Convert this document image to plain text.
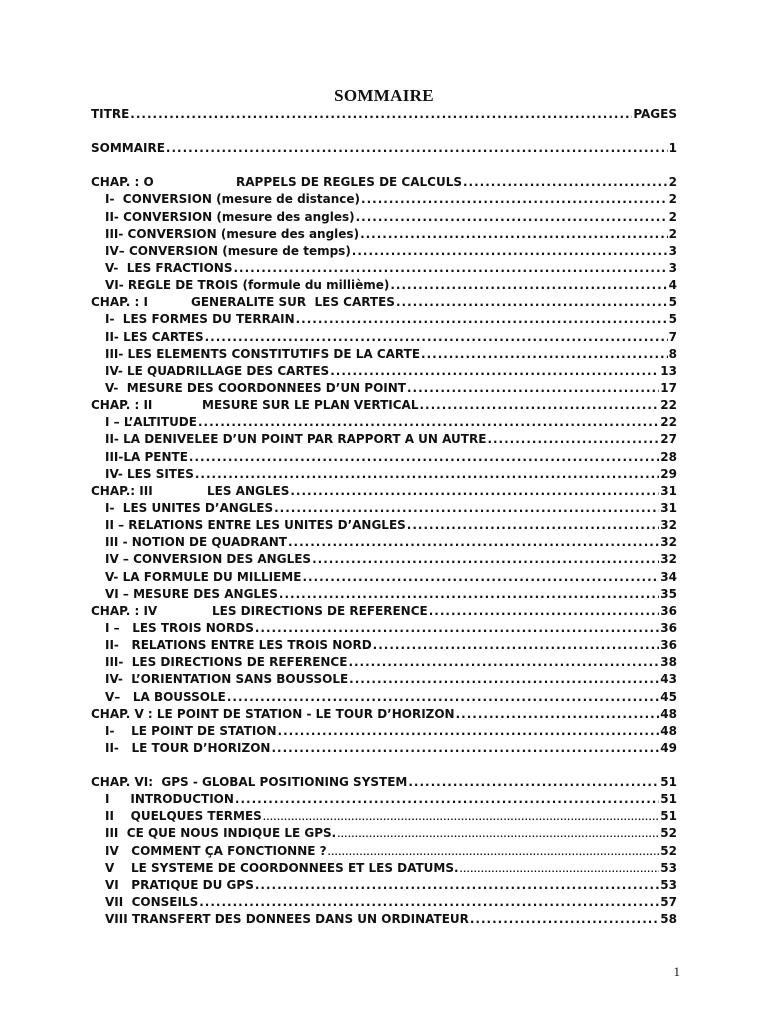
SOMMAIRE
TITRE .....	PAGES
SOMMAIRE .....	1
CHAP. : O	RAPPELS DE REGLES DE CALCULS .....	2
I- CONVERSION (mesure de distance) .....	2
II- CONVERSION (mesure des angles) .....	2
III- CONVERSION (mesure des angles) .....	2
IV– CONVERSION (mesure de temps) .....	3
V- LES FRACTIONS .....	3
VI- REGLE DE TROIS (formule du millième) .....	4
CHAP. : I	GENERALITE SUR  LES CARTES .....	5
I- LES FORMES DU TERRAIN .....	5
II- LES CARTES .....	7
III- LES ELEMENTS CONSTITUTIFS DE LA CARTE .....	8
IV- LE QUADRILLAGE DES CARTES .....	13
V- MESURE DES COORDONNEES D’UN POINT .....	17
CHAP. : II	MESURE SUR LE PLAN VERTICAL .....	22
I – L’ALTITUDE .....	22
II- LA DENIVELEE D’UN POINT PAR RAPPORT A UN AUTRE .....	27
III- LA PENTE .....	28
IV- LES SITES .....	29
CHAP.: III	LES ANGLES .....	31
I- LES UNITES D’ANGLES .....	31
II – RELATIONS ENTRE LES UNITES D’ANGLES .....	32
III - NOTION DE QUADRANT .....	32
IV – CONVERSION DES ANGLES .....	32
V- LA FORMULE DU MILLIEME .....	34
VI – MESURE DES ANGLES .....	35
CHAP. : IV	LES DIRECTIONS DE REFERENCE .....	36
I – LES TROIS NORDS .....	36
II- RELATIONS ENTRE LES TROIS NORD .....	36
III- LES DIRECTIONS DE REFERENCE .....	38
IV- L’ORIENTATION SANS BOUSSOLE .....	43
V– LA BOUSSOLE .....	45
CHAP. V : LE POINT DE STATION - LE TOUR D’HORIZON .....	48
I- LE POINT DE STATION .....	48
II- LE TOUR D’HORIZON .....	49
CHAP. VI: GPS - GLOBAL POSITIONING SYSTEM .....	51
I INTRODUCTION .....	51
II QUELQUES TERMES .....	51
III CE QUE NOUS INDIQUE LE GPS. .....	52
IV COMMENT ÇA FONCTIONNE ? .....	52
V LE SYSTEME DE COORDONNEES ET LES DATUMS. .....	53
VI PRATIQUE DU GPS .....	53
VII CONSEILS .....	57
VIII TRANSFERT DES DONNEES DANS UN ORDINATEUR .....	58
1
